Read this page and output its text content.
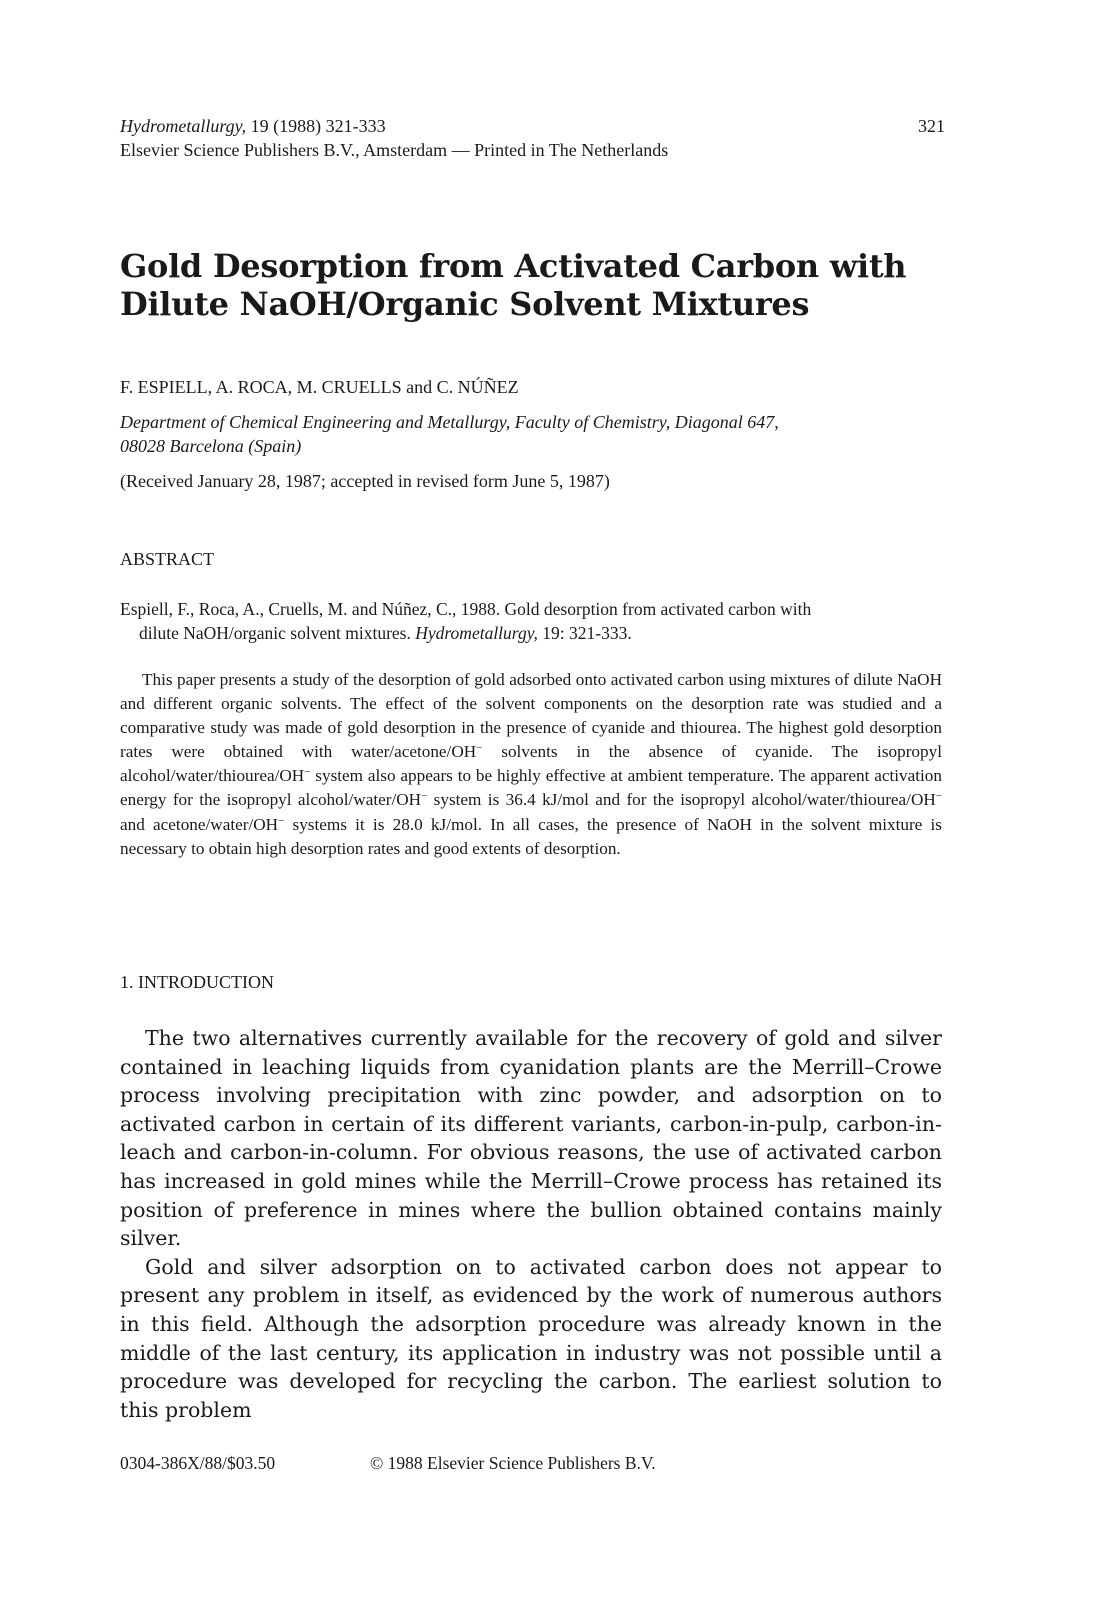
Hydrometallurgy, 19 (1988) 321-333
Elsevier Science Publishers B.V., Amsterdam — Printed in The Netherlands
321
Gold Desorption from Activated Carbon with
Dilute NaOH/Organic Solvent Mixtures
F. ESPIELL, A. ROCA, M. CRUELLS and C. NÚÑEZ
Department of Chemical Engineering and Metallurgy, Faculty of Chemistry, Diagonal 647,
08028 Barcelona (Spain)
(Received January 28, 1987; accepted in revised form June 5, 1987)
ABSTRACT
Espiell, F., Roca, A., Cruells, M. and Núñez, C., 1988. Gold desorption from activated carbon with
dilute NaOH/organic solvent mixtures. Hydrometallurgy, 19: 321-333.

This paper presents a study of the desorption of gold adsorbed onto activated carbon using mixtures of dilute NaOH and different organic solvents. The effect of the solvent components on the desorption rate was studied and a comparative study was made of gold desorption in the presence of cyanide and thiourea. The highest gold desorption rates were obtained with water/acetone/OH− solvents in the absence of cyanide. The isopropyl alcohol/water/thiourea/OH− system also appears to be highly effective at ambient temperature. The apparent activation energy for the isopropyl alcohol/water/OH− system is 36.4 kJ/mol and for the isopropyl alcohol/water/thiourea/OH− and acetone/water/OH− systems it is 28.0 kJ/mol. In all cases, the presence of NaOH in the solvent mixture is necessary to obtain high desorption rates and good extents of desorption.

1. INTRODUCTION

The two alternatives currently available for the recovery of gold and silver contained in leaching liquids from cyanidation plants are the Merrill–Crowe process involving precipitation with zinc powder, and adsorption on to activated carbon in certain of its different variants, carbon-in-pulp, carbon-in-leach and carbon-in-column. For obvious reasons, the use of activated carbon has increased in gold mines while the Merrill–Crowe process has retained its position of preference in mines where the bullion obtained contains mainly silver.

Gold and silver adsorption on to activated carbon does not appear to present any problem in itself, as evidenced by the work of numerous authors in this field. Although the adsorption procedure was already known in the middle of the last century, its application in industry was not possible until a procedure was developed for recycling the carbon. The earliest solution to this problem

0304-386X/88/$03.50	© 1988 Elsevier Science Publishers B.V.
